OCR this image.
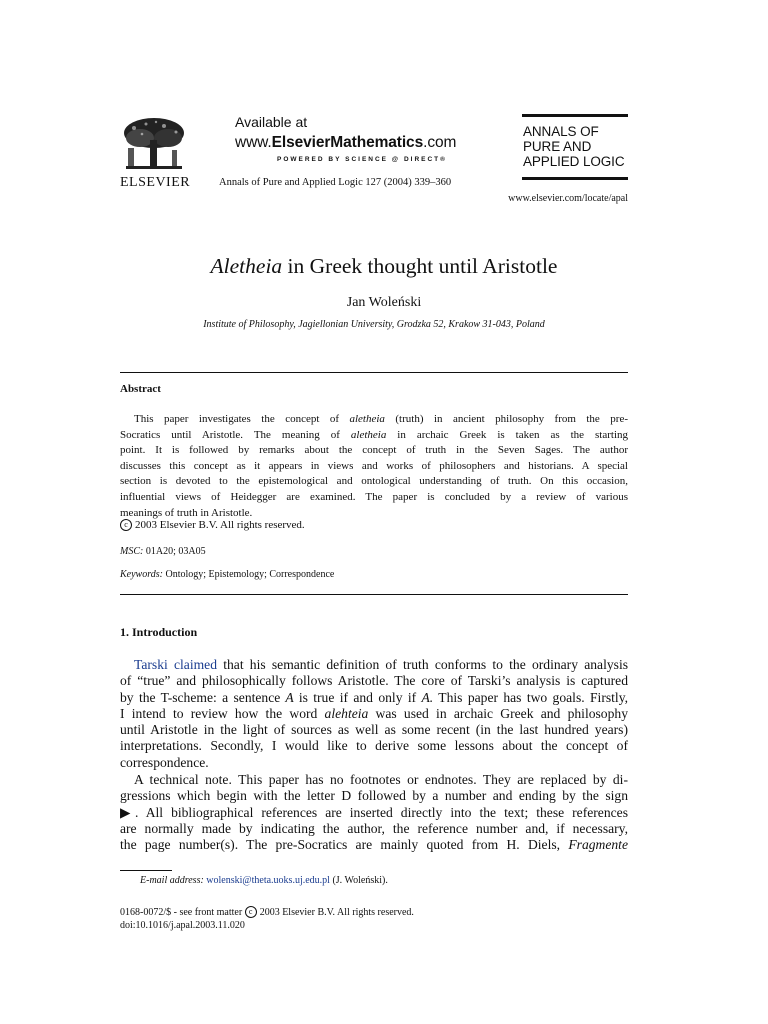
ELSEVIER
Available at
www.ElsevierMathematics.com
POWERED BY SCIENCE @ DIRECT®
Annals of Pure and Applied Logic 127 (2004) 339–360
ANNALS OF
PURE AND
APPLIED LOGIC
www.elsevier.com/locate/apal
Aletheia in Greek thought until Aristotle
Jan Woleński
Institute of Philosophy, Jagiellonian University, Grodzka 52, Krakow 31-043, Poland
Abstract
This paper investigates the concept of aletheia (truth) in ancient philosophy from the pre-
Socratics until Aristotle. The meaning of aletheia in archaic Greek is taken as the starting
point. It is followed by remarks about the concept of truth in the Seven Sages. The author
discusses this concept as it appears in views and works of philosophers and historians. A special
section is devoted to the epistemological and ontological understanding of truth. On this occasion,
influential views of Heidegger are examined. The paper is concluded by a review of various
meanings of truth in Aristotle.
c 2003 Elsevier B.V. All rights reserved.
MSC: 01A20; 03A05
Keywords: Ontology; Epistemology; Correspondence
1. Introduction
Tarski claimed that his semantic definition of truth conforms to the ordinary analysis
of “true” and philosophically follows Aristotle. The core of Tarski’s analysis is captured
by the T-scheme: a sentence A is true if and only if A. This paper has two goals. Firstly,
I intend to review how the word alehteia was used in archaic Greek and philosophy
until Aristotle in the light of sources as well as some recent (in the last hundred years)
interpretations. Secondly, I would like to derive some lessons about the concept of
correspondence.
A technical note. This paper has no footnotes or endnotes. They are replaced by di-
gressions which begin with the letter D followed by a number and ending by the sign
▶. All bibliographical references are inserted directly into the text; these references
are normally made by indicating the author, the reference number and, if necessary,
the page number(s). The pre-Socratics are mainly quoted from H. Diels, Fragmente
E-mail address: wolenski@theta.uoks.uj.edu.pl (J. Woleński).
0168-0072/$ - see front matter c 2003 Elsevier B.V. All rights reserved.
doi:10.1016/j.apal.2003.11.020
